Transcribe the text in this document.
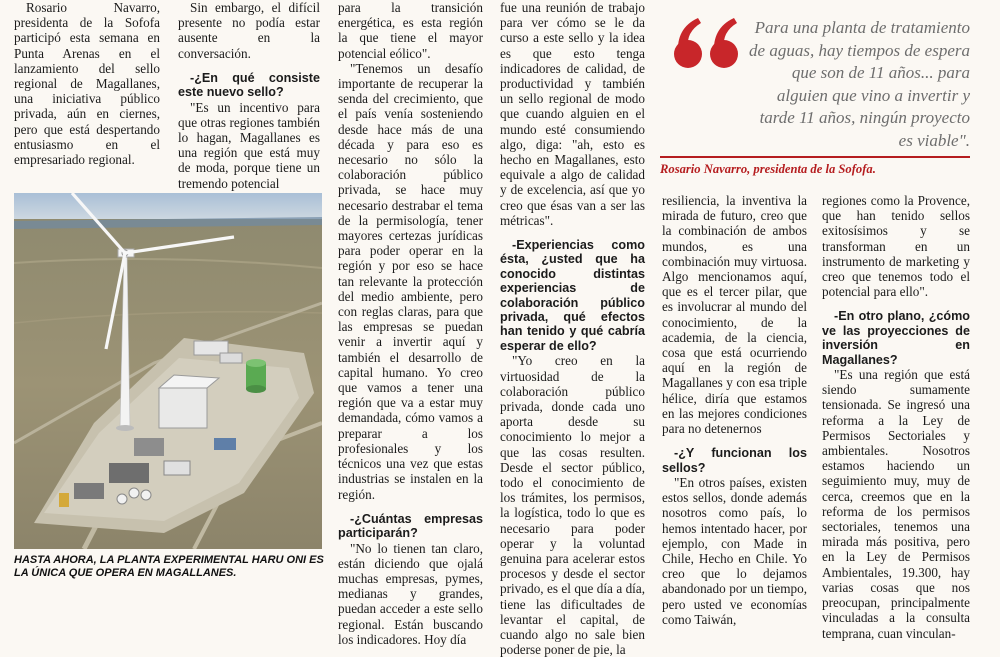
Rosario Navarro, presidenta de la Sofofa participó esta semana en Punta Arenas en el lanzamiento del sello regional de Magallanes, una iniciativa público privada, aún en ciernes, pero que está despertando entusiasmo en el empresariado regional.

Sin embargo, el difícil presente no podía estar ausente en la conversación.

-¿En qué consiste este nuevo sello?

"Es un incentivo para que otras regiones también lo hagan, Magallanes es una región que está muy de moda, porque tiene un tremendo potencial

HASTA AHORA, LA PLANTA EXPERIMENTAL HARU ONI ES LA ÚNICA QUE OPERA EN MAGALLANES.

para la transición energética, es esta región la que tiene el mayor potencial eólico".

"Tenemos un desafío importante de recuperar la senda del crecimiento, que el país venía sosteniendo desde hace más de una década y para eso es necesario no sólo la colaboración público privada, se hace muy necesario destrabar el tema de la permisología, tener mayores certezas jurídicas para poder operar en la región y por eso se hace tan relevante la protección del medio ambiente, pero con reglas claras, para que las empresas se puedan venir a invertir aquí y también el desarrollo de capital humano. Yo creo que vamos a tener una región que va a estar muy demandada, cómo vamos a preparar a los profesionales y los técnicos una vez que estas industrias se instalen en la región.

-¿Cuántas empresas participarán?

"No lo tienen tan claro, están diciendo que ojalá muchas empresas, pymes, medianas y grandes, puedan acceder a este sello regional. Están buscando los indicadores. Hoy día

fue una reunión de trabajo para ver cómo se le da curso a este sello y la idea es que esto tenga indicadores de calidad, de productividad y también un sello regional de modo que cuando alguien en el mundo esté consumiendo algo, diga: "ah, esto es hecho en Magallanes, esto equivale a algo de calidad y de excelencia, así que yo creo que ésas van a ser las métricas".

-Experiencias como ésta, ¿usted que ha conocido distintas experiencias de colaboración público privada, qué efectos han tenido y qué cabría esperar de ello?

"Yo creo en la virtuosidad de la colaboración público privada, donde cada uno aporta desde su conocimiento lo mejor a que las cosas resulten. Desde el sector público, todo el conocimiento de los trámites, los permisos, la logística, todo lo que es necesario para poder operar y la voluntad genuina para acelerar estos procesos y desde el sector privado, es el que día a día, tiene las dificultades de levantar el capital, de cuando algo no sale bien poderse poner de pie, la

Para una planta de tratamiento de aguas, hay tiempos de espera que son de 11 años... para alguien que vino a invertir y tarde 11 años, ningún proyecto es viable".
Rosario Navarro, presidenta de la Sofofa.

resiliencia, la inventiva la mirada de futuro, creo que la combinación de ambos mundos, es una combinación muy virtuosa. Algo mencionamos aquí, que es el tercer pilar, que es involucrar al mundo del conocimiento, de la academia, de la ciencia, cosa que está ocurriendo aquí en la región de Magallanes y con esa triple hélice, diría que estamos en las mejores condiciones para no detenernos

-¿Y funcionan los sellos?

"En otros países, existen estos sellos, donde además nosotros como país, lo hemos intentado hacer, por ejemplo, con Made in Chile, Hecho en Chile. Yo creo que lo dejamos abandonado por un tiempo, pero usted ve economías como Taiwán,

regiones como la Provence, que han tenido sellos exitosísimos y se transforman en un instrumento de marketing y creo que tenemos todo el potencial para ello".

-En otro plano, ¿cómo ve las proyecciones de inversión en Magallanes?

"Es una región que está siendo sumamente tensionada. Se ingresó una reforma a la Ley de Permisos Sectoriales y ambientales. Nosotros estamos haciendo un seguimiento muy, muy de cerca, creemos que en la reforma de los permisos sectoriales, tenemos una mirada más positiva, pero en la Ley de Permisos Ambientales, 19.300, hay varias cosas que nos preocupan, principalmente vinculadas a la consulta temprana, cuan vinculan-
